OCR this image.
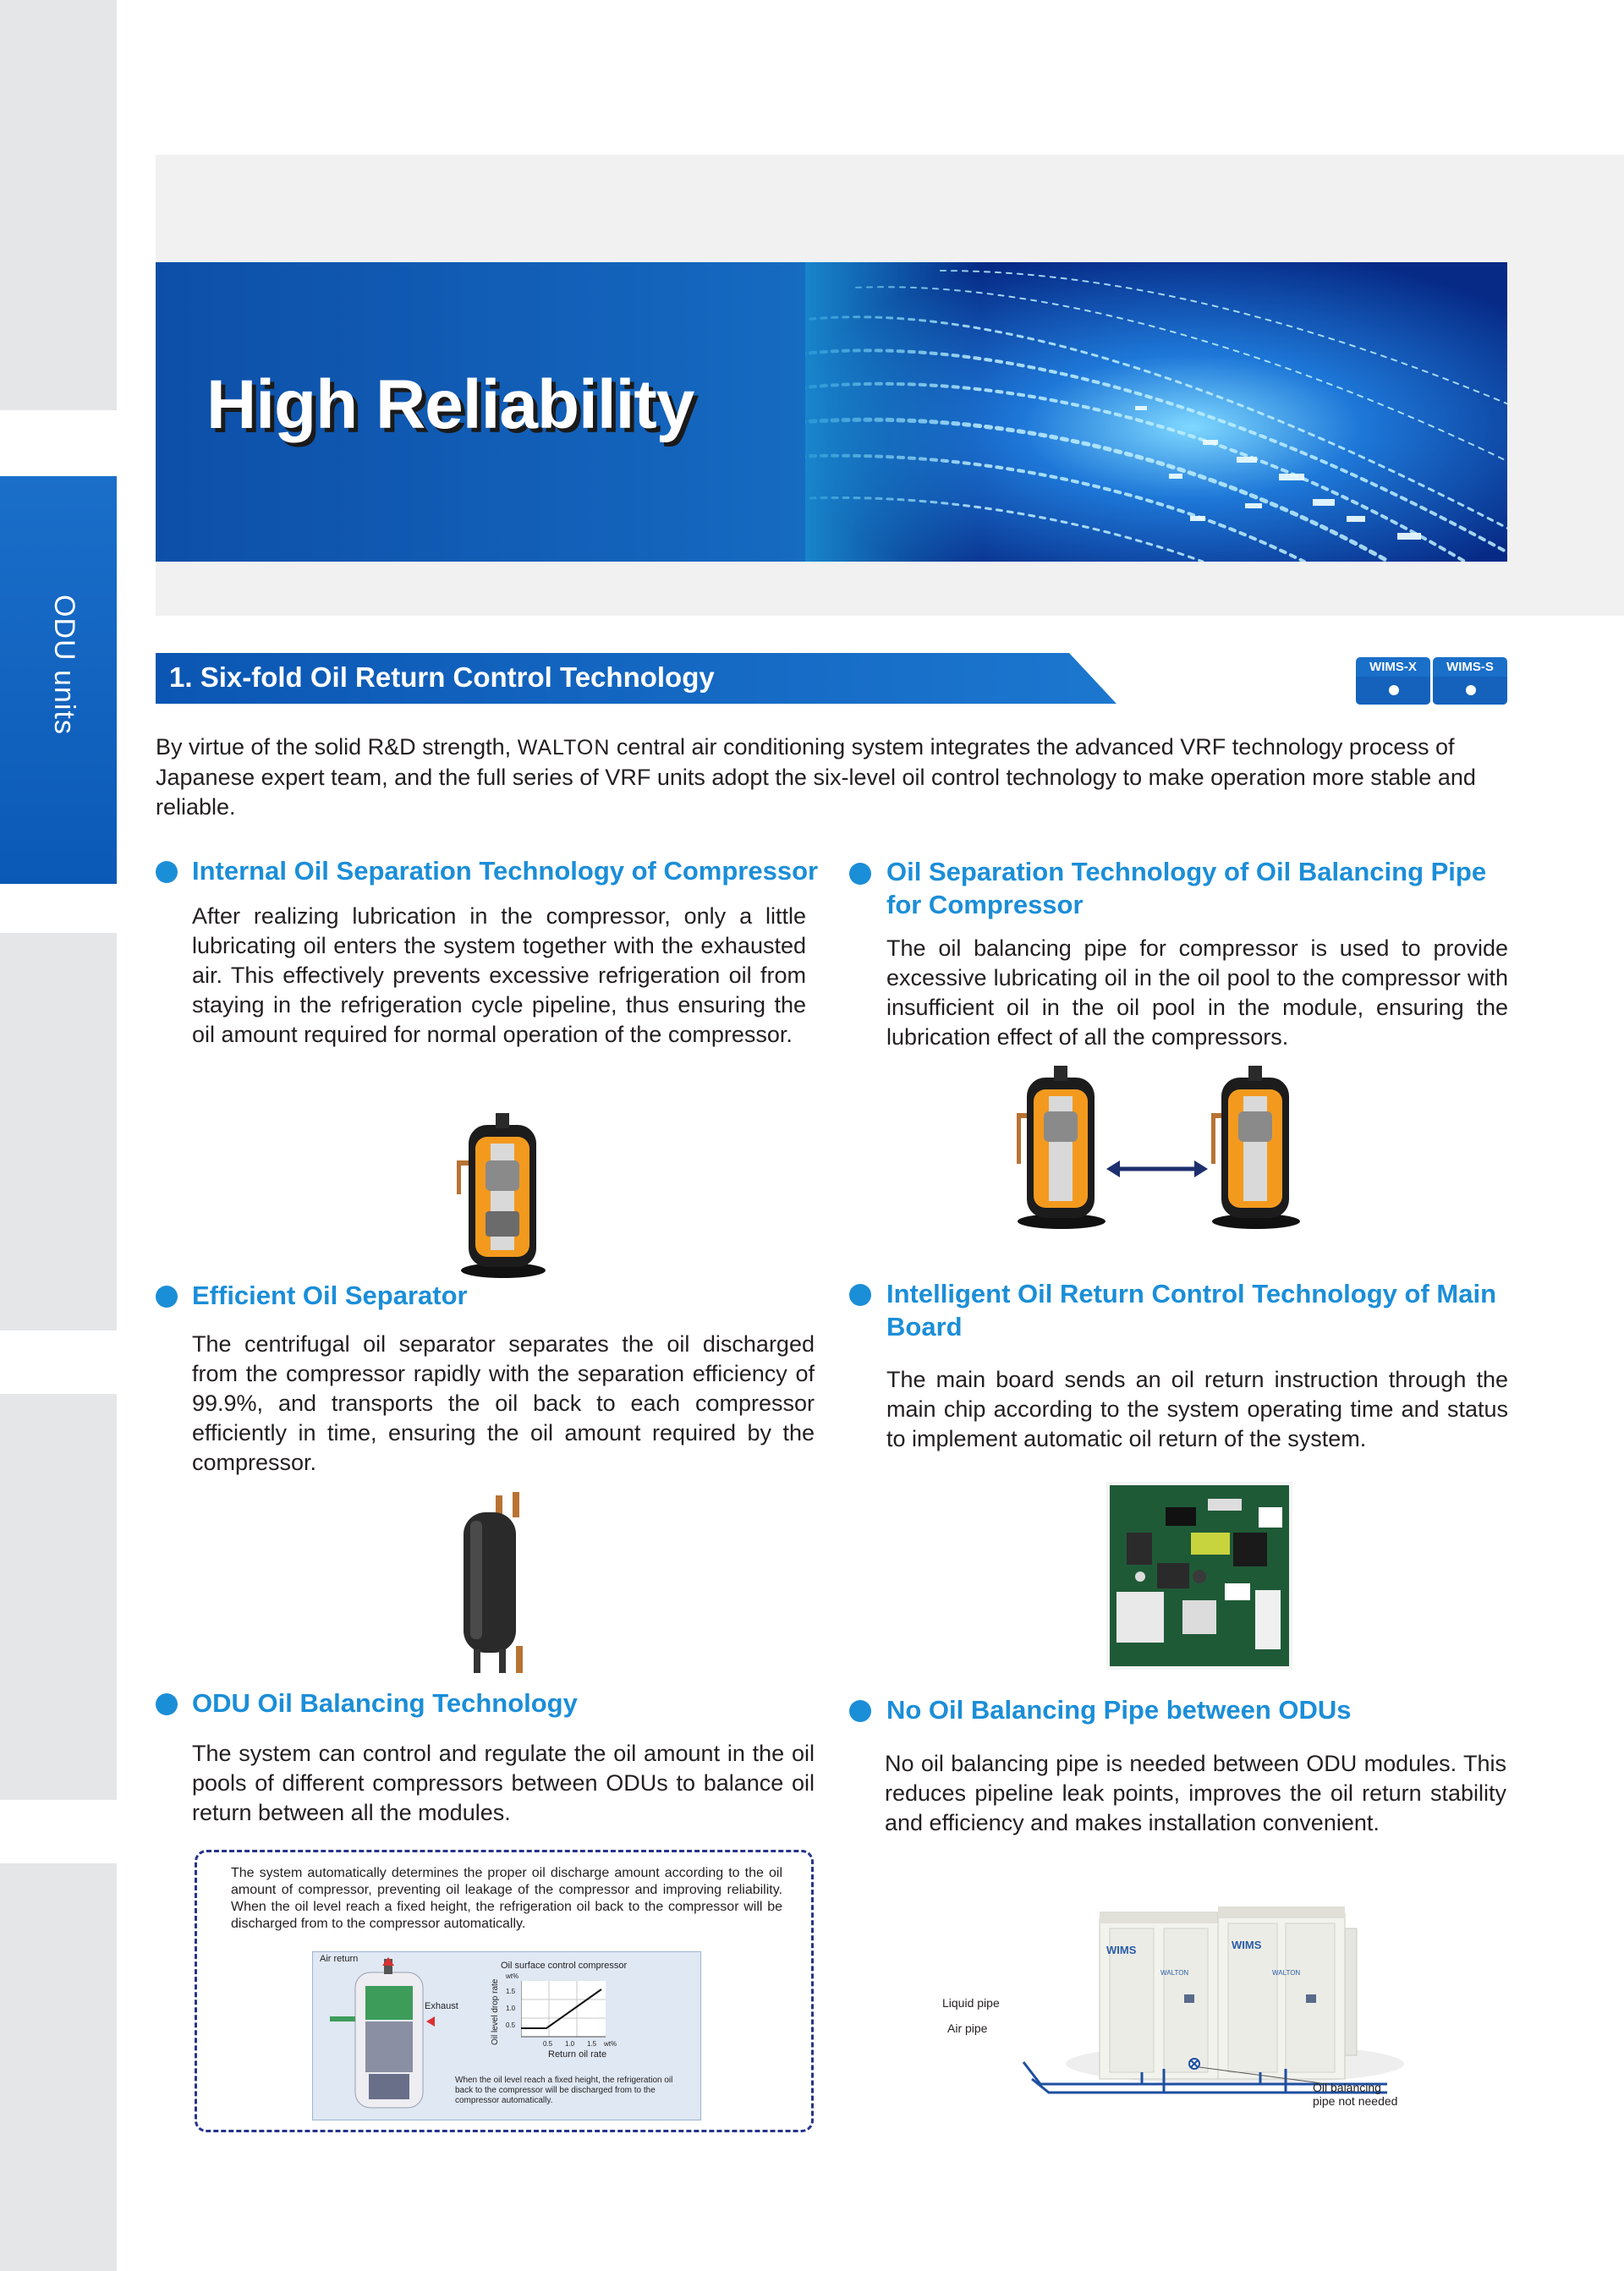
ODU units
High Reliability
1. Six-fold Oil Return Control Technology	WIMS-X	WIMS-S

By virtue of the solid R&D strength, WALTON central air conditioning system integrates the advanced VRF technology process of Japanese expert team, and the full series of VRF units adopt the six-level oil control technology to make operation more stable and reliable.

Internal Oil Separation Technology of Compressor

After realizing lubrication in the compressor, only a little lubricating oil enters the system together with the exhausted air. This effectively prevents excessive refrigeration oil from staying in the refrigeration cycle pipeline, thus ensuring the oil amount required for normal operation of the compressor.

Oil Separation Technology of Oil Balancing Pipe
for Compressor

The oil balancing pipe for compressor is used to provide excessive lubricating oil in the oil pool to the compressor with insufficient oil in the oil pool in the module, ensuring the lubrication effect of all the compressors.

Efficient Oil Separator

The centrifugal oil separator separates the oil discharged from the compressor rapidly with the separation efficiency of 99.9%, and transports the oil back to each compressor efficiently in time, ensuring the oil amount required by the compressor.

Intelligent Oil Return Control Technology of Main
Board

The main board sends an oil return instruction through the main chip according to the system operating time and status to implement automatic oil return of the system.

ODU Oil Balancing Technology

The system can control and regulate the oil amount in the oil pools of different compressors between ODUs to balance oil return between all the modules.

The system automatically determines the proper oil discharge amount according to the oil amount of compressor, preventing oil leakage of the compressor and improving reliability. When the oil level reach a fixed height, the refrigeration oil back to the compressor will be discharged from to the compressor automatically.

Air return
Exhaust
Oil surface control compressor
wt%
Oil level drop rate 1.5
1.0
0.5
0.5 1.0 1.5 wt%
Return oil rate
When the oil level reach a fixed height, the refrigeration oil back to the compressor will be discharged from to the compressor automatically.
No Oil Balancing Pipe between ODUs

No oil balancing pipe is needed between ODU modules. This reduces pipeline leak points, improves the oil return stability and efficiency and makes installation convenient.

WIMS	WIMS
WALTON	WALTON
Liquid pipe
Air pipe
Oil balancing
pipe not needed
